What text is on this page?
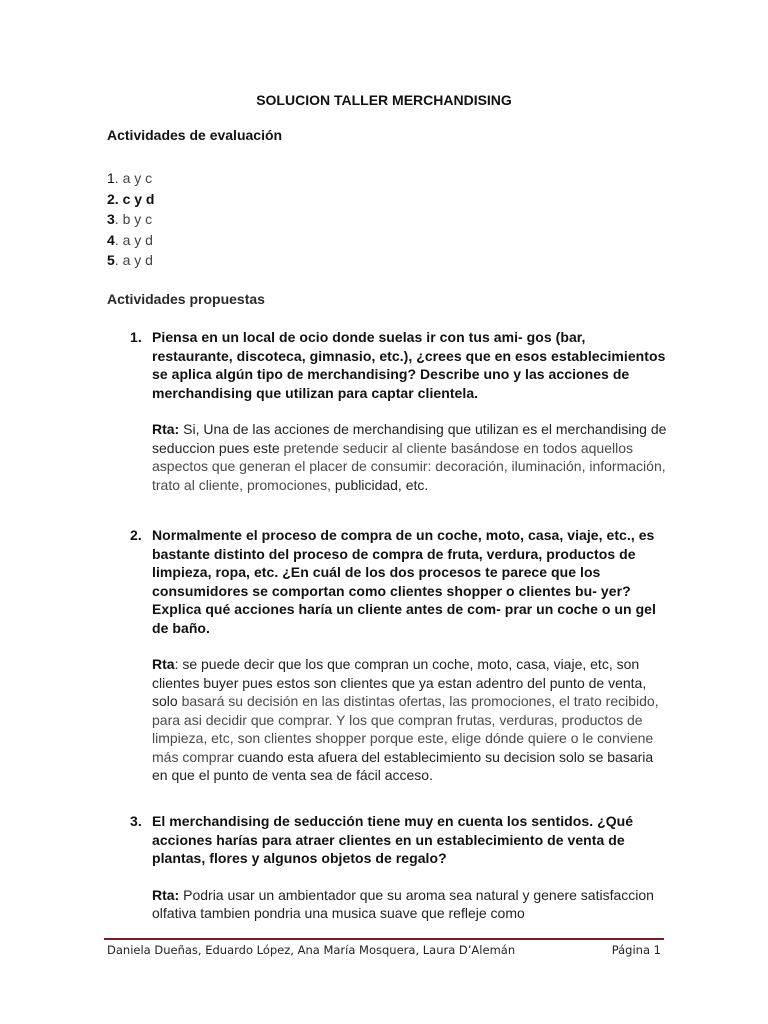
SOLUCION TALLER MERCHANDISING
Actividades de evaluación
1. a y c
2. c y d
3. b y c
4. a y d
5. a y d
Actividades propuestas
1. Piensa en un local de ocio donde suelas ir con tus ami- gos (bar, restaurante, discoteca, gimnasio, etc.), ¿crees que en esos establecimientos se aplica algún tipo de merchandising? Describe uno y las acciones de merchandising que utilizan para captar clientela.
Rta: Si, Una de las acciones de merchandising que utilizan es el merchandising de seduccion pues este pretende seducir al cliente basándose en todos aquellos aspectos que generan el placer de consumir: decoración, iluminación, información, trato al cliente, promociones, publicidad, etc.
2. Normalmente el proceso de compra de un coche, moto, casa, viaje, etc., es bastante distinto del proceso de compra de fruta, verdura, productos de limpieza, ropa, etc. ¿En cuál de los dos procesos te parece que los consumidores se comportan como clientes shopper o clientes bu- yer? Explica qué acciones haría un cliente antes de com- prar un coche o un gel de baño.
Rta: se puede decir que los que compran un coche, moto, casa, viaje, etc, son clientes buyer pues estos son clientes que ya estan adentro del punto de venta, solo basará su decisión en las distintas ofertas, las promociones, el trato recibido, para asi decidir que comprar. Y los que compran frutas, verduras, productos de limpieza, etc, son clientes shopper porque este, elige dónde quiere o le conviene más comprar cuando esta afuera del establecimiento su decision solo se basaria en que el punto de venta sea de fácil acceso.
3. El merchandising de seducción tiene muy en cuenta los sentidos. ¿Qué acciones harías para atraer clientes en un establecimiento de venta de plantas, flores y algunos objetos de regalo?
Rta: Podria usar un ambientador que su aroma sea natural y genere satisfaccion olfativa tambien pondria una musica suave que refleje como
Daniela Dueñas, Eduardo López, Ana María Mosquera, Laura D’Alemán	Página 1
